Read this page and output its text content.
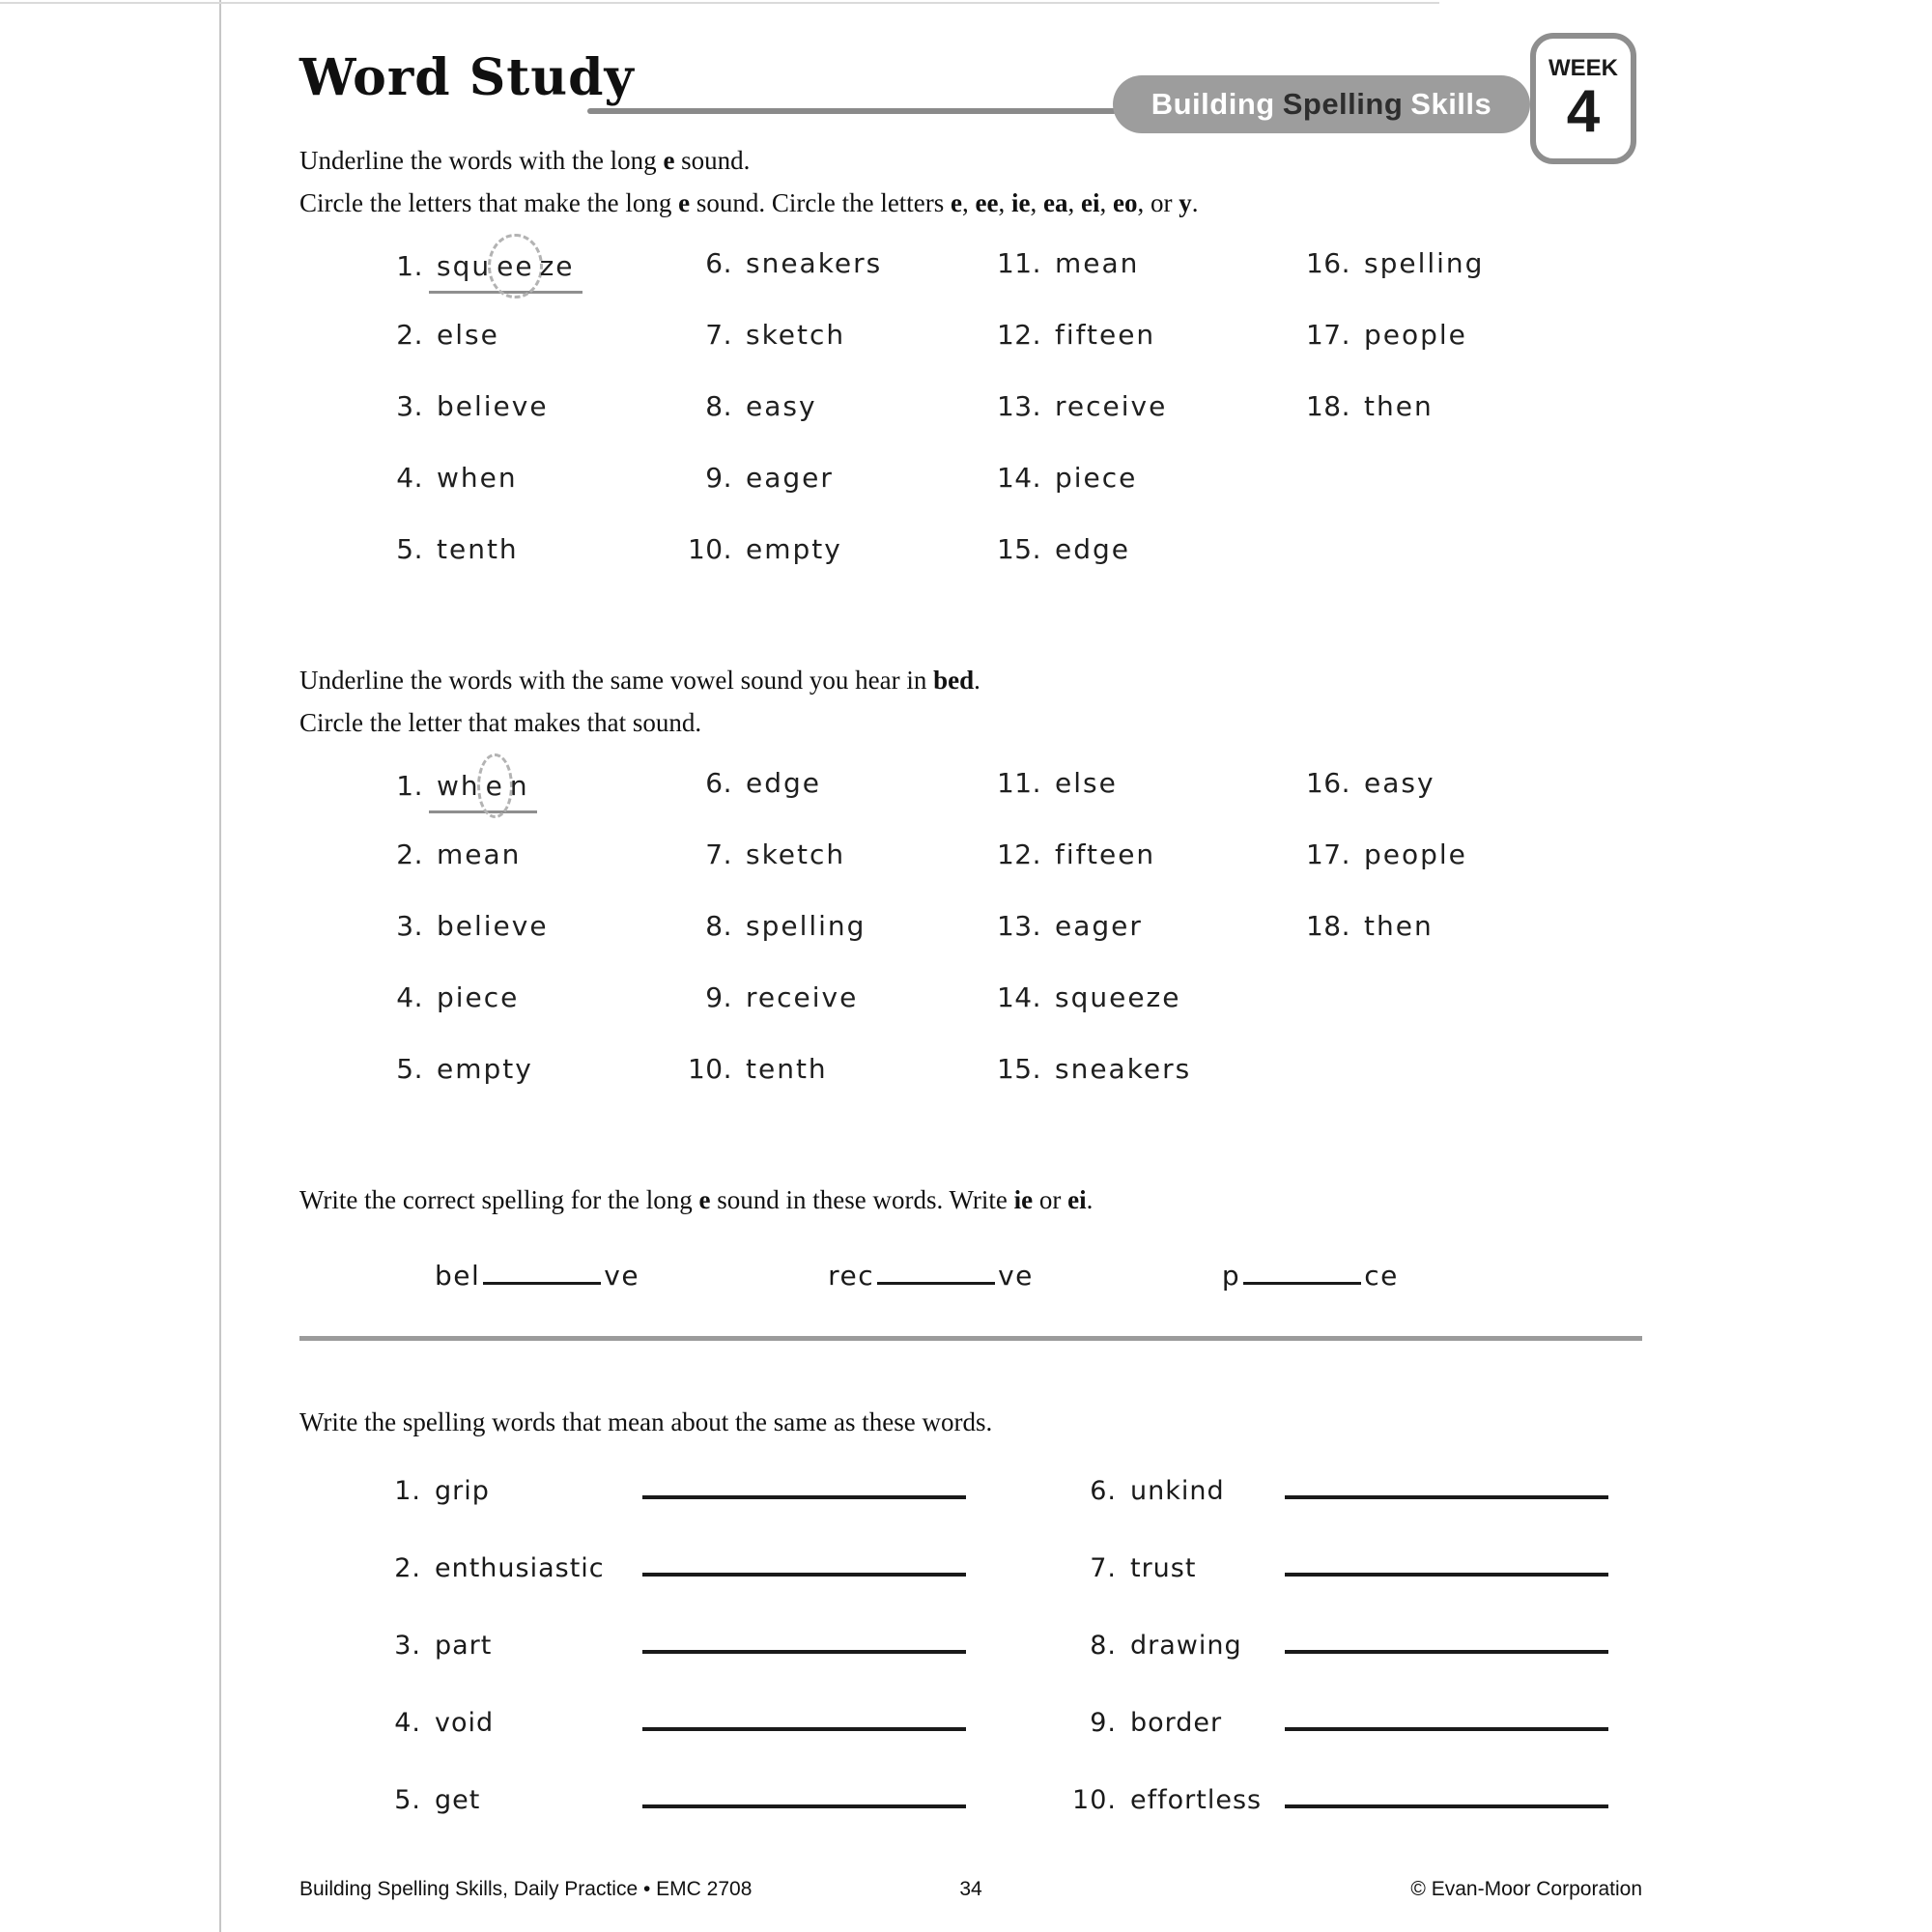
Word Study	Building Spelling Skills
WEEK
4

Underline the words with the long e sound.

Circle the letters that make the long e sound. Circle the letters e, ee, ie, ea, ei, eo, or y.

1. squ ee ze
2. else
3. believe
4. when
5. tenth
6. sneakers
7. sketch
8. easy
9. eager
10. empty
11. mean
12. fifteen
13. receive
14. piece
15. edge
16. spelling
17. people
18. then

Underline the words with the same vowel sound you hear in bed.

Circle the letter that makes that sound.

1. wh e n
2. mean
3. believe
4. piece
5. empty
6. edge
7. sketch
8. spelling
9. receive
10. tenth
11. else
12. fifteen
13. eager
14. squeeze
15. sneakers
16. easy
17. people
18. then

Write the correct spelling for the long e sound in these words. Write ie or ei.

bel	ve	rec	ve	p	ce

Write the spelling words that mean about the same as these words.

1. grip
2. enthusiastic
3. part
4. void
5. get
6. unkind
7. trust
8. drawing
9. border
10. effortless
Building Spelling Skills, Daily Practice • EMC 2708	34	© Evan-Moor Corporation
